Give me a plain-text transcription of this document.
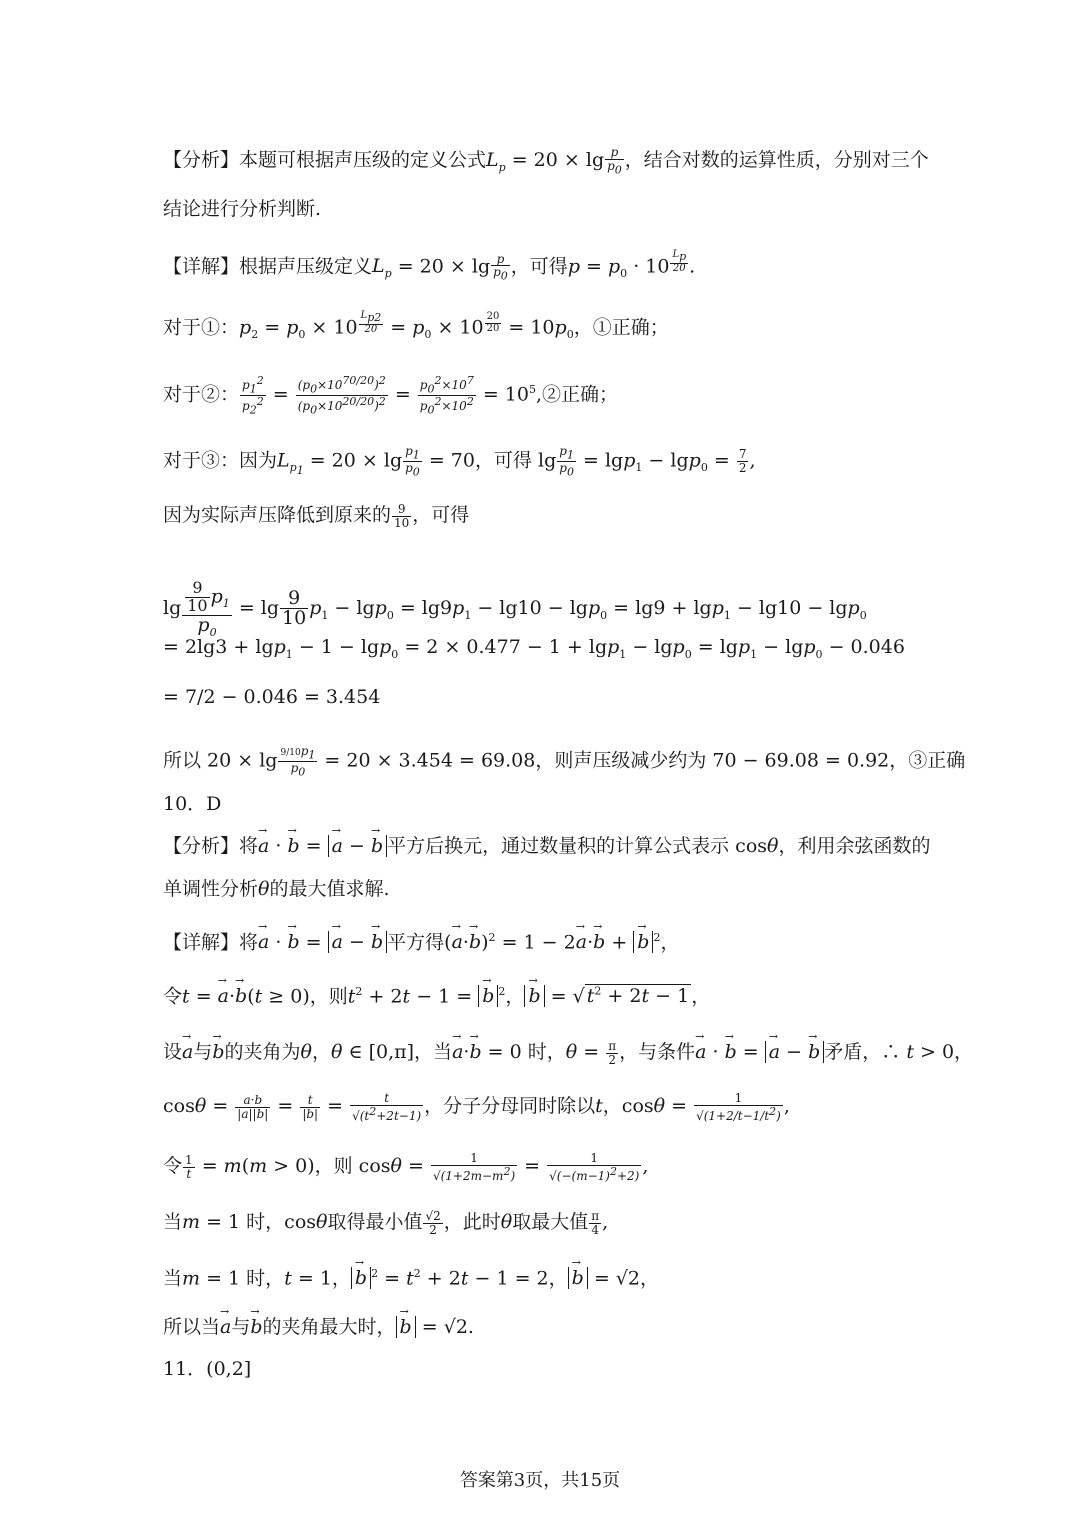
【分析】本题可根据声压级的定义公式$L_p = 20 \times \lg \frac{p}{p_0}$ ，结合对数的运算性质，分别对三个
结论进行分析判断.
【详解】根据声压级定义$L_p = 20 \times \lg \frac{p}{p_0}$ ，可得$p = p_0 \cdot 10$ $^{\frac{L_p}{20}}$ .
对于①：$p_2 = p_0 \times 10$ $^{\frac{L_{p2}}{20}} = p_0 \times 10$ $^{\frac{20}{20}} = 10p_0$，①正确；
对于②： $\frac{p_1^2}{p_2^2} = \frac{(p_0\times 10^{70/20})^2}{(p_0\times 10^{20/20})^2} = \frac{p_0^2\times 10^7}{p_0^2\times 10^2}$ = $10^5,②$正确；
对于③：因为$L_{p_1} = 20 \times \lg \frac{p_1}{p_0} = 70$，可得 $\lg \frac{p_1}{p_0} = \lg p_1 - \lg p_0 = \frac{7}{2}$ ,
因为实际声压降低到原来的 $\frac{9}{10}$ ，可得
$\lg \frac{\frac{9}{10} p_1}{p_0} = \lg \frac{9}{10} p_1 - \lg p_0 = \lg 9p_1 - \lg 10 - \lg p_0 = \lg 9 + \lg p_1 - \lg 10 - \lg p_0$
= 2lg3 + lgp$_1$ − 1 − lgp$_0$ = 2 × 0.477 − 1 + lgp$_1$ − lgp$_0$ = lgp$_1$ − lgp$_0$ − 0.046
= 7/2 − 0.046 = 3.454
所以 $20 \times \lg \frac{9/10p_1}{p_0} = 20 \times 3.454 = 69.08$，则声压级减少约为 70 − 69.08 = 0.92，③正确
10．D
【分析】将→ a · → b = → a − → b 平方后换元，通过数量积的计算公式表示 cosθ，利用余弦函数的
单调性分析θ的最大值求解.
【详解】将→ a · → b = → a − → b 平方得(→ a·→ b)$^2$ = 1 − 2→ a·→ b + → b $^2$，
令t = → a·→ b(t ≥ 0)，则$t^2 + 2t - 1$ = → b $^2$， → b = √ $t^2 + 2t - 1$ ，
设→ a与→ b的夹角为θ，θ ∈ [0,π]，当→ a·→ b = 0 时，$\theta = \frac{\pi}{2}$ ，与条件→ a · → b = → a − → b 矛盾，∴ t > 0，
$\cos\theta = \frac{a\cdot b}{|a||b|} = \frac{t}{|b|} = \frac{t}{√(t^2+2t-1)}$ ，分子分母同时除以t，$\cos\theta = \frac{1}{√(1+2/t-1/t^2)}$ ,
令 $\frac{1}{t} = m(m > 0)$，则 $\cos\theta = \frac{1}{√(1+2m-m^2)} = \frac{1}{√(-(m-1)^2+2)}$ ,
当m = 1 时，cosθ取得最小值 $\frac{√2}{2}$ ，此时θ取最大值 $\frac{\pi}{4}$ ,
当m = 1 时，t = 1， → b $^2 = t^2 + 2t - 1 = 2$， → b = √2，
所以当→ a与→ b的夹角最大时， → b = √2.
11．(0,2]
答案第3页，共15页
